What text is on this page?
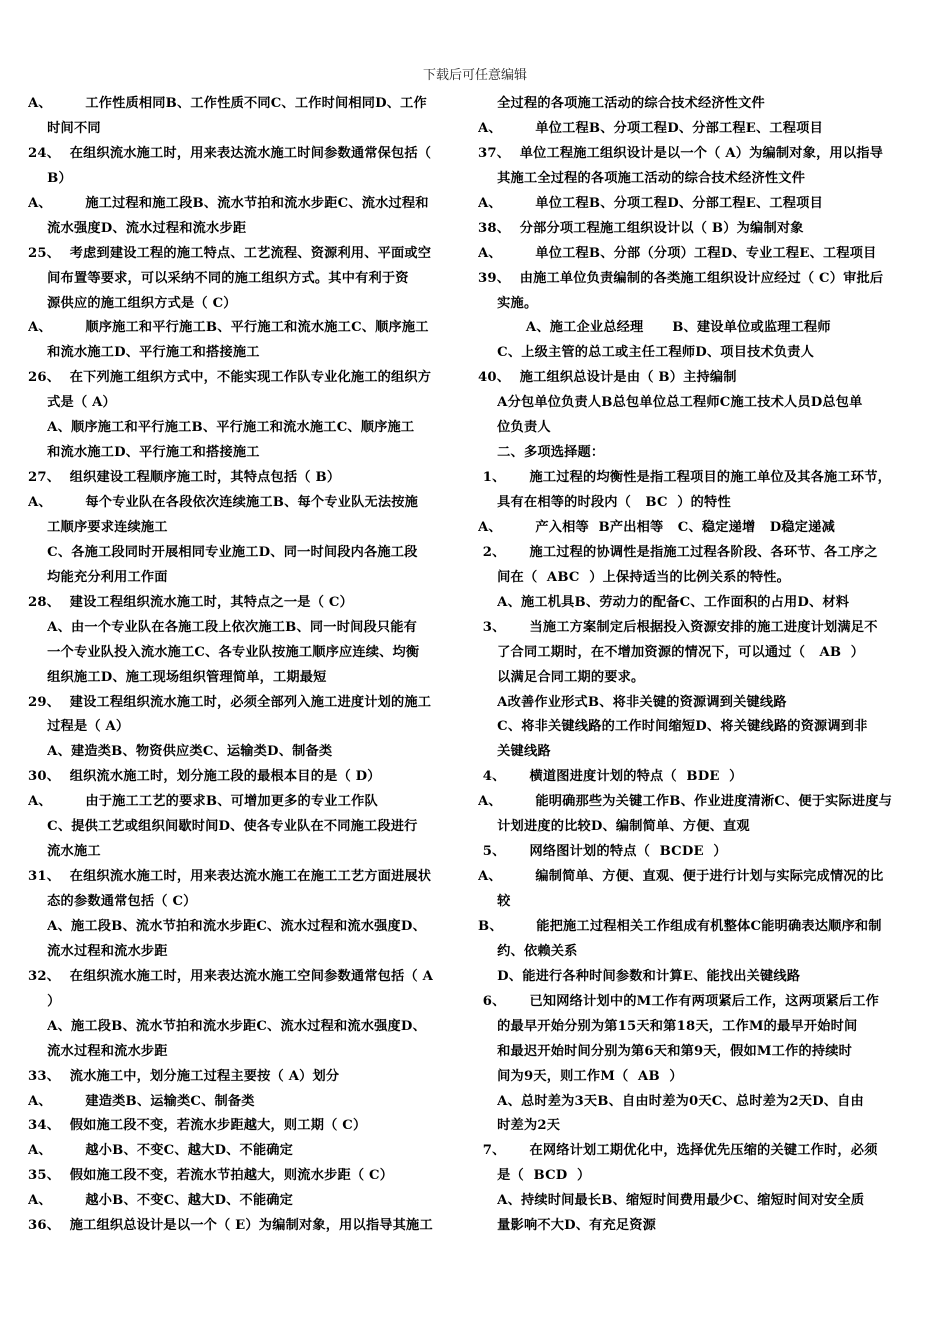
下载后可任意编辑
A、       工作性质相同B、工作性质不同C、工作时间相同D、工作
时间不同
24、  在组织流水施工时，用来表达流水施工时间参数通常保包括（
B）
A、       施工过程和施工段B、流水节拍和流水步距C、流水过程和
流水强度D、流水过程和流水步距
25、  考虑到建设工程的施工特点、工艺流程、资源利用、平面或空
间布置等要求，可以采纳不同的施工组织方式。其中有利于资
源供应的施工组织方式是（ C）
A、       顺序施工和平行施工B、平行施工和流水施工C、顺序施工
和流水施工D、平行施工和搭接施工
26、  在下列施工组织方式中，不能实现工作队专业化施工的组织方
式是（ A）
A、顺序施工和平行施工B、平行施工和流水施工C、顺序施工
和流水施工D、平行施工和搭接施工
27、  组织建设工程顺序施工时，其特点包括（ B）
A、       每个专业队在各段依次连续施工B、每个专业队无法按施
工顺序要求连续施工
C、各施工段同时开展相同专业施工D、同一时间段内各施工段
均能充分利用工作面
28、  建设工程组织流水施工时，其特点之一是（ C）
A、由一个专业队在各施工段上依次施工B、同一时间段只能有
一个专业队投入流水施工C、各专业队按施工顺序应连续、均衡
组织施工D、施工现场组织管理简单，工期最短
29、  建设工程组织流水施工时，必须全部列入施工进度计划的施工
过程是（ A）
A、建造类B、物资供应类C、运输类D、制备类
30、  组织流水施工时，划分施工段的最根本目的是（ D）
A、       由于施工工艺的要求B、可增加更多的专业工作队
C、提供工艺或组织间歇时间D、使各专业队在不同施工段进行
流水施工
31、  在组织流水施工时，用来表达流水施工在施工工艺方面进展状
态的参数通常包括（ C）
A、施工段B、流水节拍和流水步距C、流水过程和流水强度D、
流水过程和流水步距
32、  在组织流水施工时，用来表达流水施工空间参数通常包括（ A
）
A、施工段B、流水节拍和流水步距C、流水过程和流水强度D、
流水过程和流水步距
33、  流水施工中，划分施工过程主要按（ A）划分
A、       建造类B、运输类C、制备类
34、  假如施工段不变，若流水步距越大，则工期（ C）
A、       越小B、不变C、越大D、不能确定
35、  假如施工段不变，若流水节拍越大，则流水步距（ C）
A、       越小B、不变C、越大D、不能确定
36、  施工组织总设计是以一个（ E）为编制对象，用以指导其施工
全过程的各项施工活动的综合技术经济性文件
A、       单位工程B、分项工程D、分部工程E、工程项目
37、  单位工程施工组织设计是以一个（ A）为编制对象，用以指导
其施工全过程的各项施工活动的综合技术经济性文件
A、       单位工程B、分项工程D、分部工程E、工程项目
38、  分部分项工程施工组织设计以（ B）为编制对象
A、       单位工程B、分部（分项）工程D、专业工程E、工程项目
39、  由施工单位负责编制的各类施工组织设计应经过（ C）审批后
实施。
A、施工企业总经理      B、建设单位或监理工程师
C、上级主管的总工或主任工程师D、项目技术负责人
40、  施工组织总设计是由（ B）主持编制
A分包单位负责人B总包单位总工程师C施工技术人员D总包单
位负责人
二、多项选择题：
1、     施工过程的均衡性是指工程项目的施工单位及其各施工环节，
具有在相等的时段内（   BC  ）的特性
A、       产入相等  B产出相等   C、稳定递增   D稳定递减
2、     施工过程的协调性是指施工过程各阶段、各环节、各工序之
间在（  ABC  ）上保持适当的比例关系的特性。
A、施工机具B、劳动力的配备C、工作面积的占用D、材料
3、     当施工方案制定后根据投入资源安排的施工进度计划满足不
了合同工期时，在不增加资源的情况下，可以通过（   AB  ）
以满足合同工期的要求。
A改善作业形式B、将非关键的资源调到关键线路
C、将非关键线路的工作时间缩短D、将关键线路的资源调到非
关键线路
4、     横道图进度计划的特点（  BDE  ）
A、       能明确那些为关键工作B、作业进度清淅C、便于实际进度与
计划进度的比较D、编制简单、方便、直观
5、     网络图计划的特点（  BCDE  ）
A、       编制简单、方便、直观、便于进行计划与实际完成情况的比
较
B、       能把施工过程相关工作组成有机整体C能明确表达顺序和制
约、依赖关系
D、能进行各种时间参数和计算E、能找出关键线路
6、     已知网络计划中的M工作有两项紧后工作，这两项紧后工作
的最早开始分别为第15天和第18天，工作M的最早开始时间
和最迟开始时间分别为第6天和第9天，假如M工作的持续时
间为9天，则工作M（  AB  ）
A、总时差为3天B、自由时差为0天C、总时差为2天D、自由
时差为2天
7、     在网络计划工期优化中，选择优先压缩的关键工作时，必须
是（  BCD  ）
A、持续时间最长B、缩短时间费用最少C、缩短时间对安全质
量影响不大D、有充足资源
